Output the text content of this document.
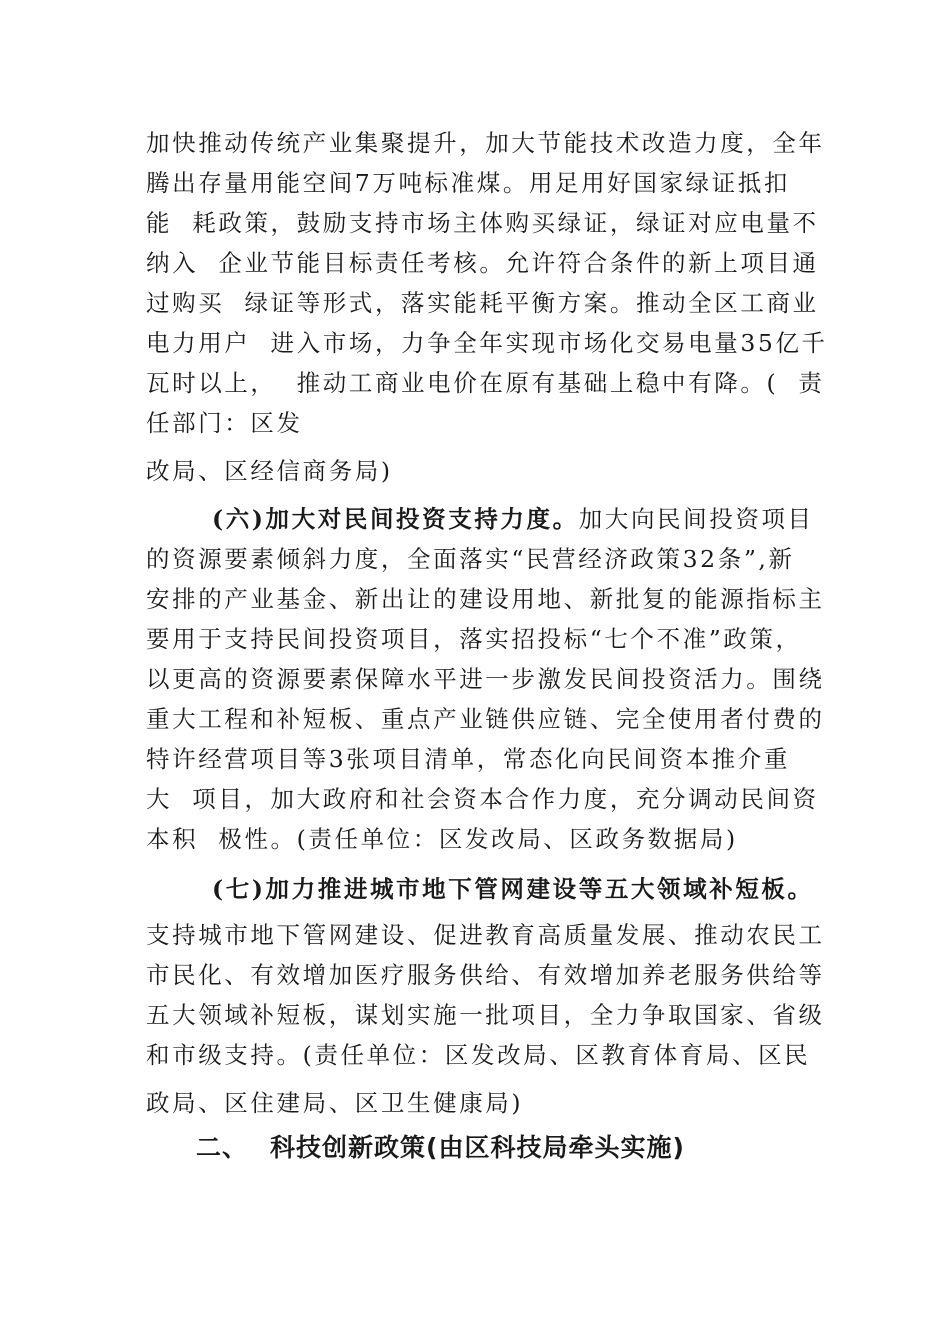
加快推动传统产业集聚提升，加大节能技术改造力度，全年
腾出存量用能空间7万吨标准煤。用足用好国家绿证抵扣
能  耗政策，鼓励支持市场主体购买绿证，绿证对应电量不
纳入  企业节能目标责任考核。允许符合条件的新上项目通
过购买  绿证等形式，落实能耗平衡方案。推动全区工商业
电力用户  进入市场，力争全年实现市场化交易电量35亿千
瓦时以上，  推动工商业电价在原有基础上稳中有降。(  责
任部门：区发
改局、区经信商务局)
(六)加大对民间投资支持力度。加大向民间投资项目
的资源要素倾斜力度，全面落实“民营经济政策32条”,新
安排的产业基金、新出让的建设用地、新批复的能源指标主
要用于支持民间投资项目，落实招投标“七个不准”政策，
以更高的资源要素保障水平进一步激发民间投资活力。围绕
重大工程和补短板、重点产业链供应链、完全使用者付费的
特许经营项目等3张项目清单，常态化向民间资本推介重
大  项目，加大政府和社会资本合作力度，充分调动民间资
本积  极性。(责任单位：区发改局、区政务数据局)
(七)加力推进城市地下管网建设等五大领域补短板。
支持城市地下管网建设、促进教育高质量发展、推动农民工
市民化、有效增加医疗服务供给、有效增加养老服务供给等
五大领域补短板，谋划实施一批项目，全力争取国家、省级
和市级支持。(责任单位：区发改局、区教育体育局、区民
政局、区住建局、区卫生健康局)
二、 科技创新政策(由区科技局牵头实施)
